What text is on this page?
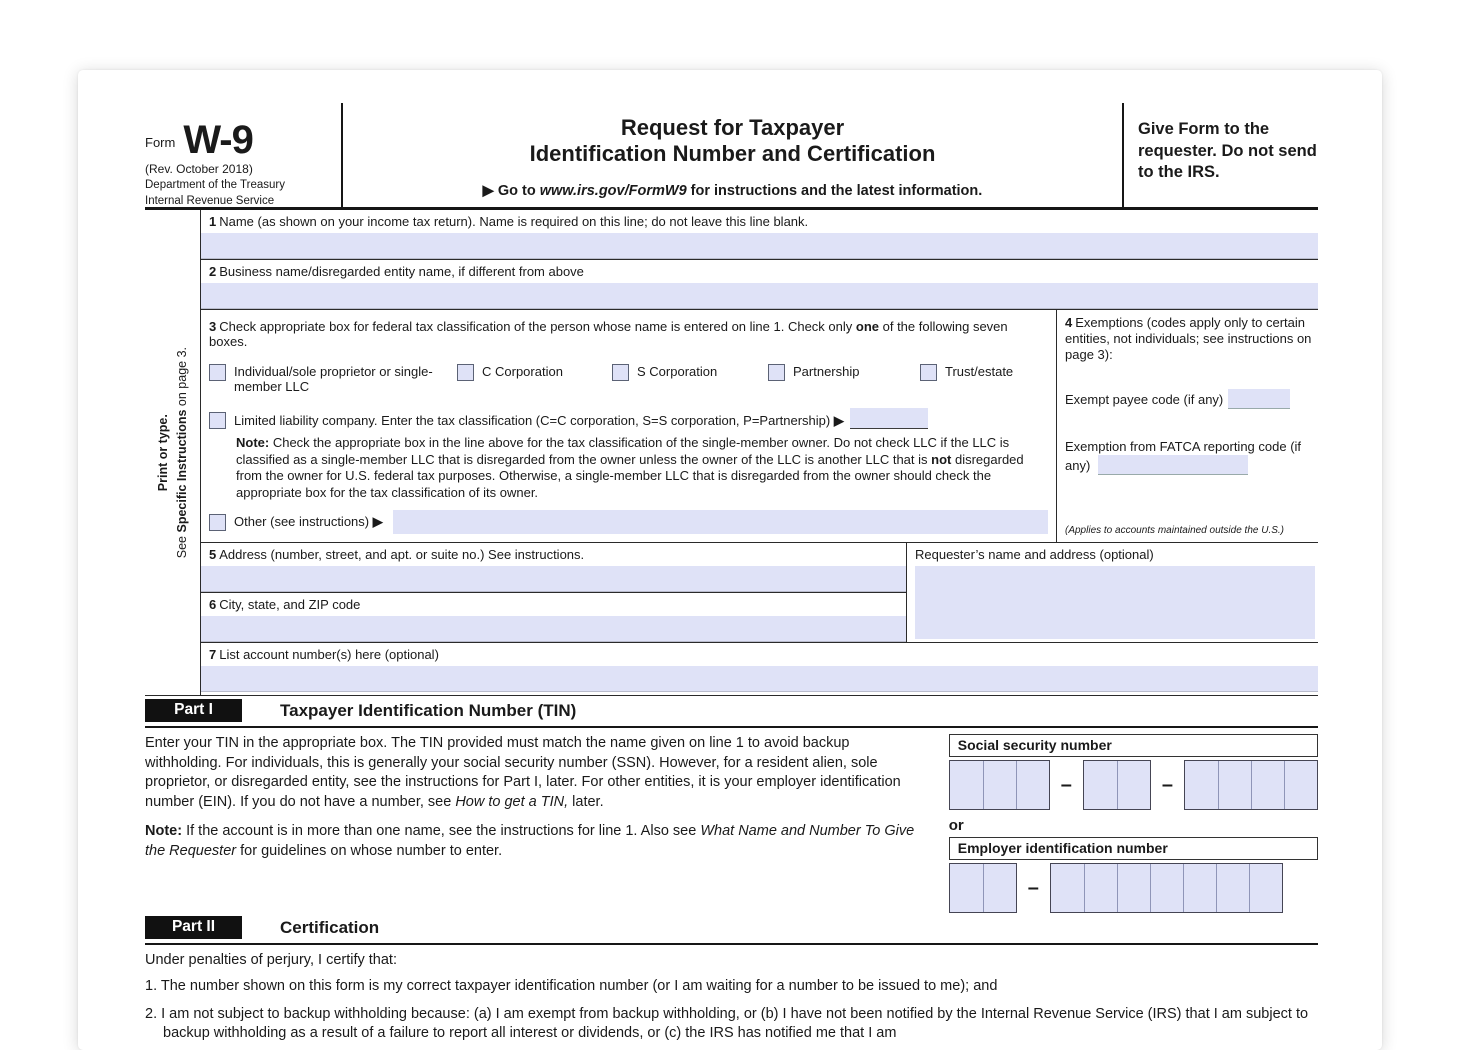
$^{Form}$ W-9
(Rev. October 2018)
Department of the Treasury
Internal Revenue Service
Request for Taxpayer
Identification Number and Certification
▶ Go to www.irs.gov/FormW9 for instructions and the latest information.
Give Form to the requester. Do not send to the IRS.
Print or type.
See Specific Instructions on page 3.
1 Name (as shown on your income tax return). Name is required on this line; do not leave this line blank.
2 Business name/disregarded entity name, if different from above
3 Check appropriate box for federal tax classification of the person whose name is entered on line 1. Check only one of the following seven boxes.
Individual/sole proprietor or single-member LLC
C Corporation	S Corporation	Partnership	Trust/estate
Limited liability company. Enter the tax classification (C=C corporation, S=S corporation, P=Partnership) ▶
Note: Check the appropriate box in the line above for the tax classification of the single-member owner. Do not check LLC if the LLC is classified as a single-member LLC that is disregarded from the owner unless the owner of the LLC is another LLC that is not disregarded from the owner for U.S. federal tax purposes. Otherwise, a single-member LLC that is disregarded from the owner should check the appropriate box for the tax classification of its owner.
Other (see instructions) ▶
4 Exemptions (codes apply only to certain entities, not individuals; see instructions on page 3):
Exempt payee code (if any)
Exemption from FATCA reporting code (if any)
(Applies to accounts maintained outside the U.S.)
5 Address (number, street, and apt. or suite no.) See instructions.
6 City, state, and ZIP code
Requester’s name and address (optional)
7 List account number(s) here (optional)
Part I	Taxpayer Identification Number (TIN)
Enter your TIN in the appropriate box. The TIN provided must match the name given on line 1 to avoid backup withholding. For individuals, this is generally your social security number (SSN). However, for a resident alien, sole proprietor, or disregarded entity, see the instructions for Part I, later. For other entities, it is your employer identification number (EIN). If you do not have a number, see How to get a TIN, later.
Note: If the account is in more than one name, see the instructions for line 1. Also see What Name and Number To Give the Requester for guidelines on whose number to enter.
Social security number
–	–
or
Employer identification number
–
Part II	Certification
Under penalties of perjury, I certify that:
1. The number shown on this form is my correct taxpayer identification number (or I am waiting for a number to be issued to me); and
2. I am not subject to backup withholding because: (a) I am exempt from backup withholding, or (b) I have not been notified by the Internal Revenue Service (IRS) that I am subject to backup withholding as a result of a failure to report all interest or dividends, or (c) the IRS has notified me that I am
